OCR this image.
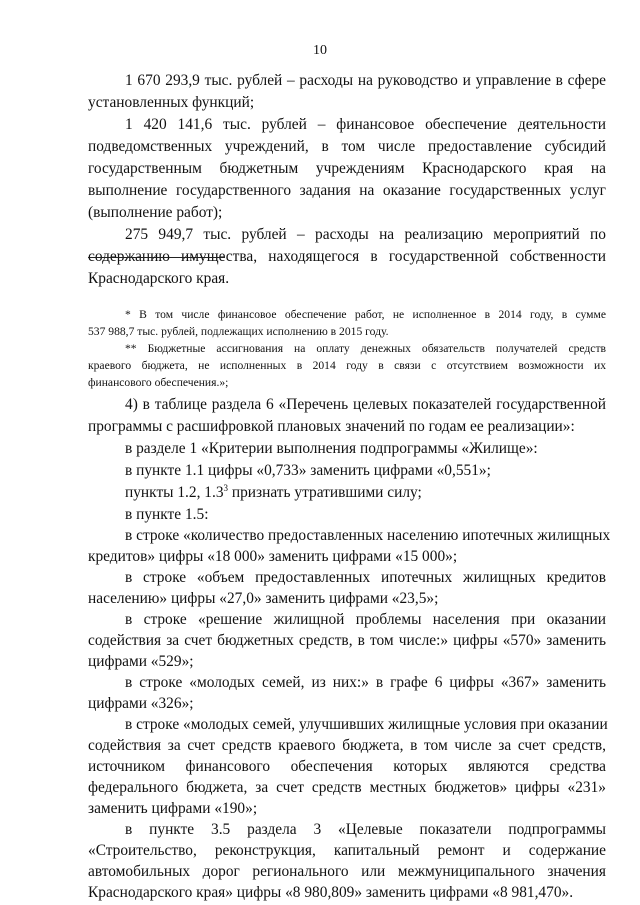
10
1 670 293,9 тыс. рублей – расходы на руководство и управление в сфере
установленных функций;
1 420 141,6 тыс. рублей – финансовое обеспечение деятельности
подведомственных учреждений, в том числе предоставление субсидий
государственным бюджетным учреждениям Краснодарского края на
выполнение государственного задания на оказание государственных услуг
(выполнение работ);
275 949,7 тыс. рублей – расходы на реализацию мероприятий по
содержанию имущества, находящегося в государственной собственности
Краснодарского края.
* В том числе финансовое обеспечение работ, не исполненное в 2014 году, в сумме
537 988,7 тыс. рублей, подлежащих исполнению в 2015 году.
** Бюджетные ассигнования на оплату денежных обязательств получателей средств
краевого бюджета, не исполненных в 2014 году в связи с отсутствием возможности их
финансового обеспечения.»;
4) в таблице раздела 6 «Перечень целевых показателей государственной
программы с расшифровкой плановых значений по годам ее реализации»:
в разделе 1 «Критерии выполнения подпрограммы «Жилище»:
в пункте 1.1 цифры «0,733» заменить цифрами «0,551»;
пункты 1.2, $1.3^3$ признать утратившими силу;
в пункте 1.5:
в строке «количество предоставленных населению ипотечных жилищных
кредитов» цифры «18 000» заменить цифрами «15 000»;
в строке «объем предоставленных ипотечных жилищных кредитов
населению» цифры «27,0» заменить цифрами «23,5»;
в строке «решение жилищной проблемы населения при оказании
содействия за счет бюджетных средств, в том числе:» цифры «570» заменить
цифрами «529»;
в строке «молодых семей, из них:» в графе 6 цифры «367» заменить
цифрами «326»;
в строке «молодых семей, улучшивших жилищные условия при оказании
содействия за счет средств краевого бюджета, в том числе за счет средств,
источником финансового обеспечения которых являются средства
федерального бюджета, за счет средств местных бюджетов» цифры «231»
заменить цифрами «190»;
в пункте 3.5 раздела 3 «Целевые показатели подпрограммы
«Строительство, реконструкция, капитальный ремонт и содержание
автомобильных дорог регионального или межмуниципального значения
Краснодарского края» цифры «8 980,809» заменить цифрами «8 981,470».
